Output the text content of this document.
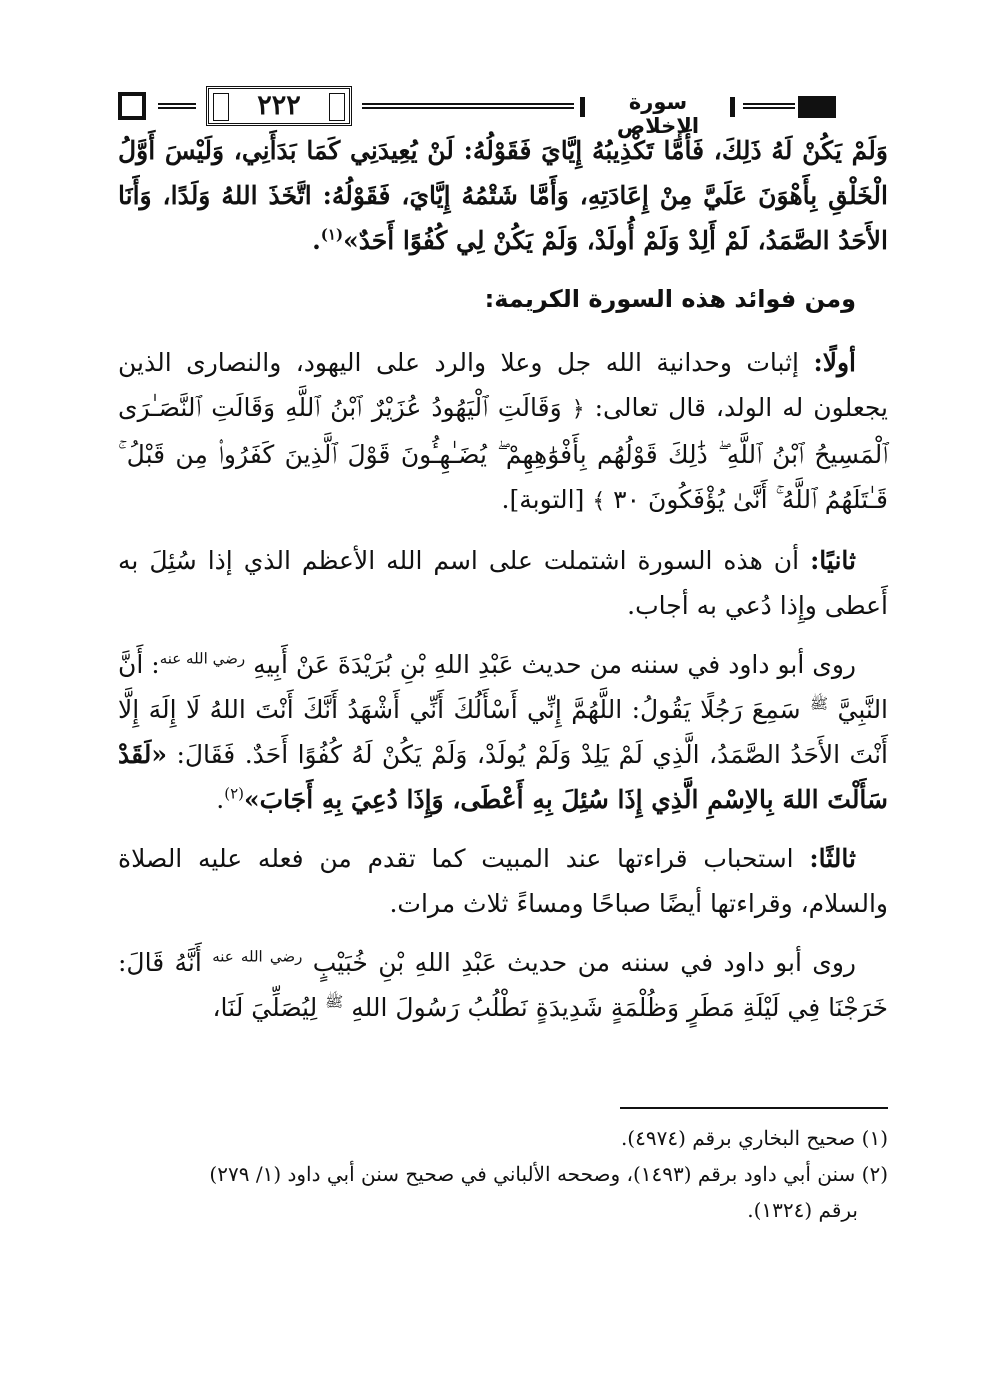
٢٢٢	سورة الإخلاص

وَلَمْ يَكُنْ لَهُ ذَلِكَ، فَأَمَّا تَكْذِيبُهُ إِيَّايَ فَقَوْلُهُ: لَنْ يُعِيدَنِي كَمَا بَدَأَنِي، وَلَيْسَ أَوَّلُ الْخَلْقِ بِأَهْوَنَ عَلَيَّ مِنْ إِعَادَتِهِ، وَأَمَّا شَتْمُهُ إِيَّايَ، فَقَوْلُهُ: اتَّخَذَ اللهُ وَلَدًا، وَأَنَا الأَحَدُ الصَّمَدُ، لَمْ أَلِدْ وَلَمْ أُولَدْ، وَلَمْ يَكُنْ لِي كُفُوًا أَحَدٌ»$^{(١)}$.

ومن فوائد هذه السورة الكريمة:

أولًا: إثبات وحدانية الله جل وعلا والرد على اليهود، والنصارى الذين يجعلون له الولد، قال تعالى: ﴿ وَقَالَتِ ٱلْيَهُودُ عُزَيْرٌ ٱبْنُ ٱللَّهِ وَقَالَتِ ٱلنَّصَـٰرَى ٱلْمَسِيحُ ٱبْنُ ٱللَّهِ ۖ ذَٰلِكَ قَوْلُهُم بِأَفْوَٰهِهِمْ ۖ يُضَـٰهِـُٔونَ قَوْلَ ٱلَّذِينَ كَفَرُوا۟ مِن قَبْلُ ۚ قَـٰتَلَهُمُ ٱللَّهُ ۚ أَنَّىٰ يُؤْفَكُونَ ٣٠ ﴾ [التوبة].

ثانيًا: أن هذه السورة اشتملت على اسم الله الأعظم الذي إذا سُئِلَ به أَعطى وإِذا دُعي به أجاب.

روى أبو داود في سننه من حديث عَبْدِ اللهِ بْنِ بُرَيْدَةَ عَنْ أَبِيهِ $^{رضي الله عنه}$: أَنَّ النَّبِيَّ $^ﷺ$ سَمِعَ رَجُلًا يَقُولُ: اللَّهُمَّ إِنِّي أَسْأَلُكَ أَنِّي أَشْهَدُ أَنَّكَ أَنْتَ اللهُ لَا إِلَهَ إِلَّا أَنْتَ الأَحَدُ الصَّمَدُ، الَّذِي لَمْ يَلِدْ وَلَمْ يُولَدْ، وَلَمْ يَكُنْ لَهُ كُفُوًا أَحَدٌ. فَقَالَ: «لَقَدْ سَأَلْتَ اللهَ بِالاِسْمِ الَّذِي إِذَا سُئِلَ بِهِ أَعْطَى، وَإِذَا دُعِيَ بِهِ أَجَابَ»$^{(٢)}$.

ثالثًا: استحباب قراءتها عند المبيت كما تقدم من فعله عليه الصلاة والسلام، وقراءتها أيضًا صباحًا ومساءً ثلاث مرات.

روى أبو داود في سننه من حديث عَبْدِ اللهِ بْنِ خُبَيْبٍ $^{رضي الله عنه}$ أَنَّهُ قَالَ: خَرَجْنَا فِي لَيْلَةِ مَطَرٍ وَظُلْمَةٍ شَدِيدَةٍ نَطْلُبُ رَسُولَ اللهِ $^ﷺ$ لِيُصَلِّيَ لَنَا،

(١) صحيح البخاري برقم (٤٩٧٤).
(٢) سنن أبي داود برقم (١٤٩٣)، وصححه الألباني في صحيح سنن أبي داود (١/ ٢٧٩)
برقم (١٣٢٤).
